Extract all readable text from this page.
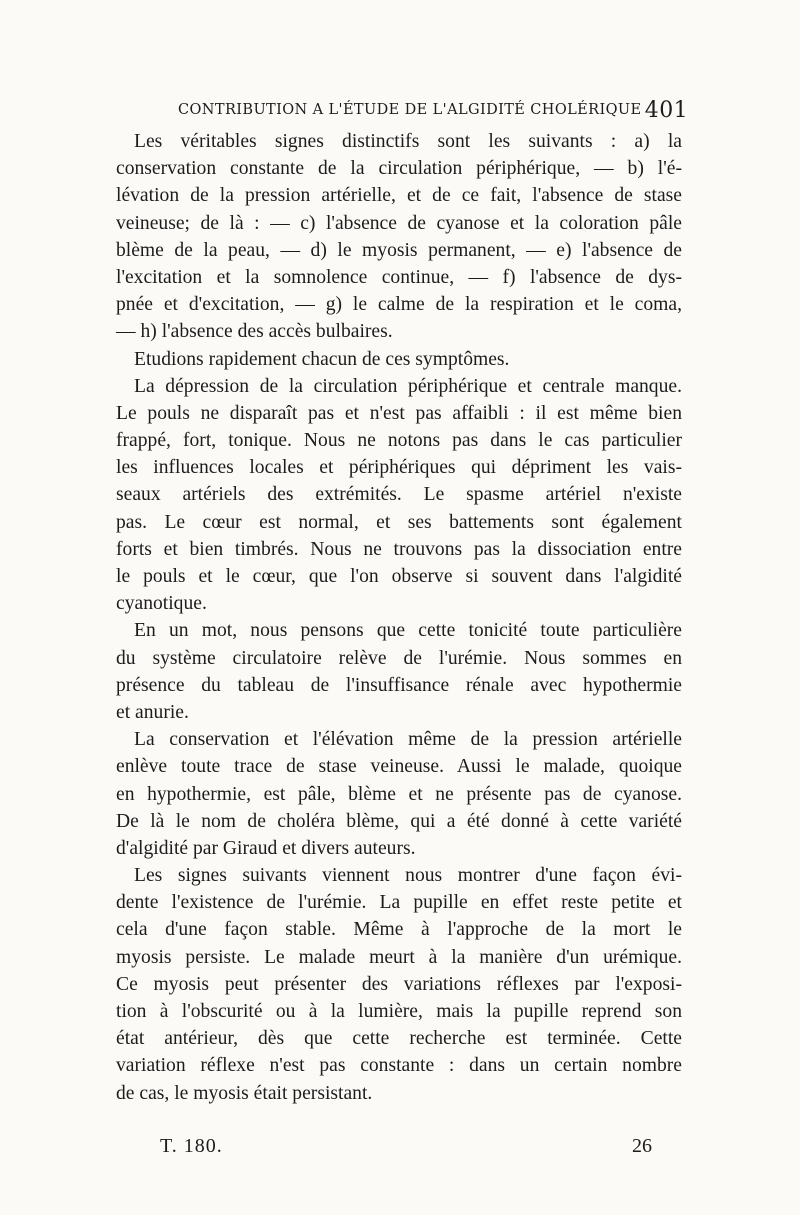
CONTRIBUTION A L'ÉTUDE DE L'ALGIDITÉ CHOLÉRIQUE 401
Les véritables signes distinctifs sont les suivants : a) la
conservation constante de la circulation périphérique, — b) l'é-
lévation de la pression artérielle, et de ce fait, l'absence de stase
veineuse; de là : — c) l'absence de cyanose et la coloration pâle
blème de la peau, — d) le myosis permanent, — e) l'absence de
l'excitation et la somnolence continue, — f) l'absence de dys-
pnée et d'excitation, — g) le calme de la respiration et le coma,
— h) l'absence des accès bulbaires.
Etudions rapidement chacun de ces symptômes.
La dépression de la circulation périphérique et centrale manque.
Le pouls ne disparaît pas et n'est pas affaibli : il est même bien
frappé, fort, tonique. Nous ne notons pas dans le cas particulier
les influences locales et périphériques qui dépriment les vais-
seaux artériels des extrémités. Le spasme artériel n'existe
pas. Le cœur est normal, et ses battements sont également
forts et bien timbrés. Nous ne trouvons pas la dissociation entre
le pouls et le cœur, que l'on observe si souvent dans l'algidité
cyanotique.
En un mot, nous pensons que cette tonicité toute particulière
du système circulatoire relève de l'urémie. Nous sommes en
présence du tableau de l'insuffisance rénale avec hypothermie
et anurie.
La conservation et l'élévation même de la pression artérielle
enlève toute trace de stase veineuse. Aussi le malade, quoique
en hypothermie, est pâle, blème et ne présente pas de cyanose.
De là le nom de choléra blème, qui a été donné à cette variété
d'algidité par Giraud et divers auteurs.
Les signes suivants viennent nous montrer d'une façon évi-
dente l'existence de l'urémie. La pupille en effet reste petite et
cela d'une façon stable. Même à l'approche de la mort le
myosis persiste. Le malade meurt à la manière d'un urémique.
Ce myosis peut présenter des variations réflexes par l'exposi-
tion à l'obscurité ou à la lumière, mais la pupille reprend son
état antérieur, dès que cette recherche est terminée. Cette
variation réflexe n'est pas constante : dans un certain nombre
de cas, le myosis était persistant.
T. 180.	26
